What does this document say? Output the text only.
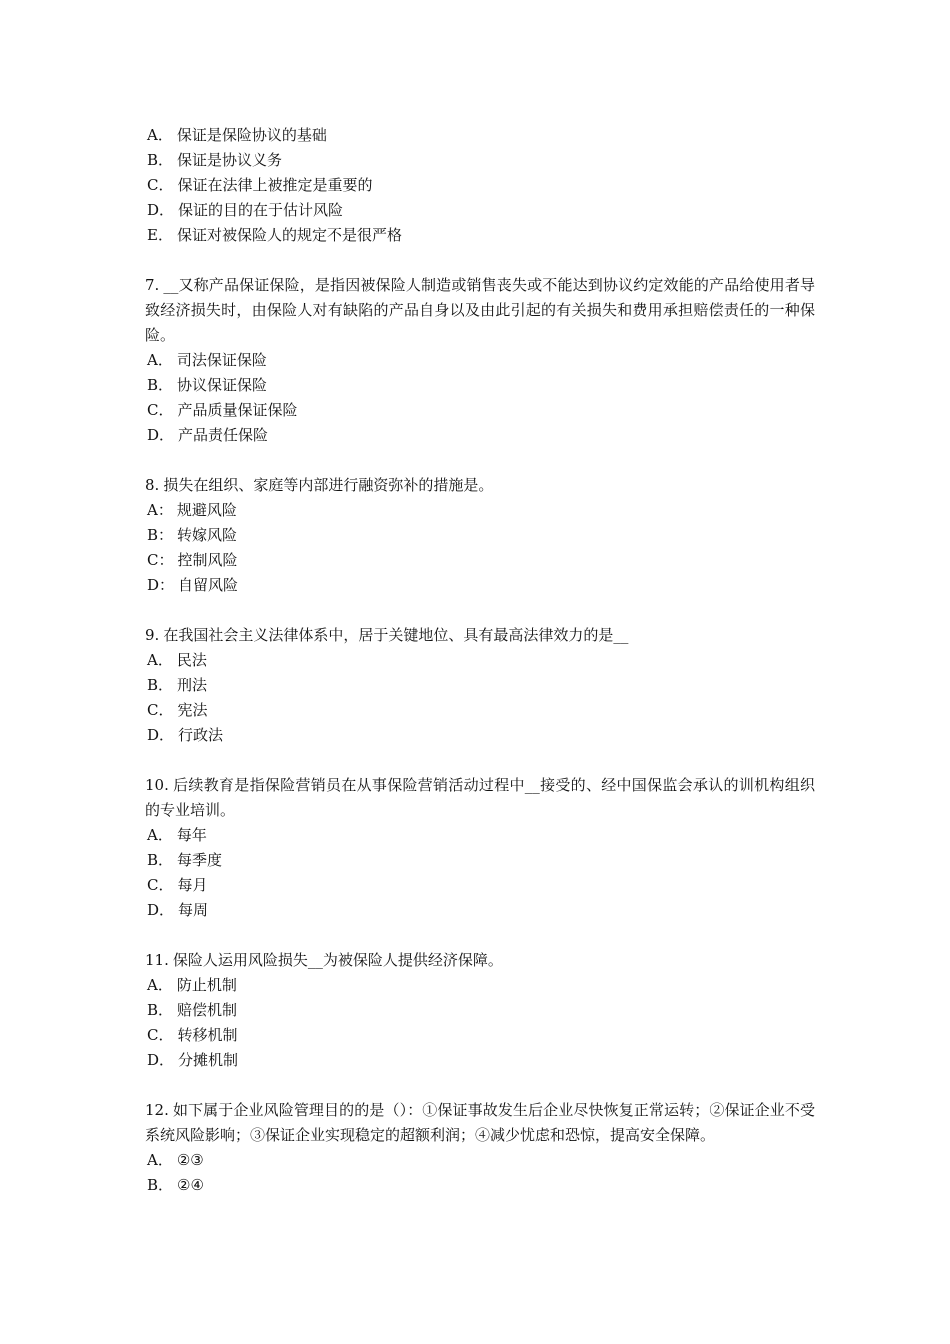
A． 保证是保险协议的基础
B． 保证是协议义务
C． 保证在法律上被推定是重要的
D． 保证的目的在于估计风险
E． 保证对被保险人的规定不是很严格

7. __又称产品保证保险，是指因被保险人制造或销售丧失或不能达到协议约定效能的产品给使用者导致经济损失时，由保险人对有缺陷的产品自身以及由此引起的有关损失和费用承担赔偿责任的一种保险。

A． 司法保证保险
B． 协议保证保险
C． 产品质量保证保险
D． 产品责任保险

8. 损失在组织、家庭等内部进行融资弥补的措施是。

A： 规避风险
B： 转嫁风险
C： 控制风险
D： 自留风险

9. 在我国社会主义法律体系中，居于关键地位、具有最高法律效力的是__

A． 民法
B． 刑法
C． 宪法
D． 行政法

10. 后续教育是指保险营销员在从事保险营销活动过程中__接受的、经中国保监会承认的训机构组织的专业培训。

A． 每年
B． 每季度
C． 每月
D． 每周

11. 保险人运用风险损失__为被保险人提供经济保障。

A． 防止机制
B． 赔偿机制
C． 转移机制
D． 分摊机制

12. 如下属于企业风险管理目的的是（）：①保证事故发生后企业尽快恢复正常运转；②保证企业不受系统风险影响；③保证企业实现稳定的超额利润；④减少忧虑和恐惊，提高安全保障。

A． ②③
B． ②④
